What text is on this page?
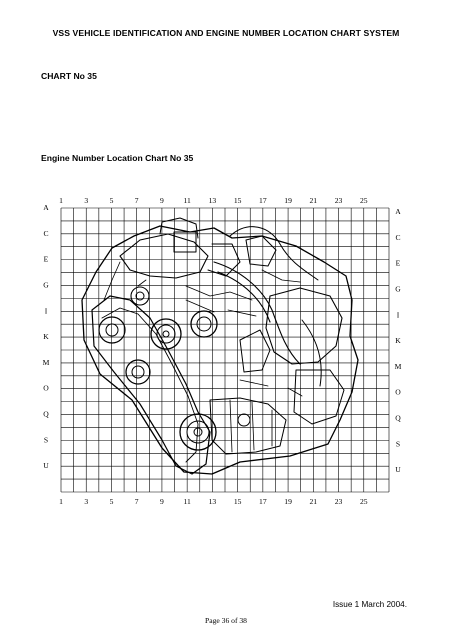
VSS VEHICLE IDENTIFICATION AND ENGINE NUMBER LOCATION CHART SYSTEM
CHART No 35
Engine Number Location Chart No 35
1	3	5	7	9	11 13 15 17 19 21 23 25
1	3	5	7	9	11 13 15 17 19 21 23 25
A
C
E
G
I
K
M
O
Q
S
U
A
C
E
G
I
K
M
O
Q
S
U
Issue 1 March 2004.
Page 36 of 38
